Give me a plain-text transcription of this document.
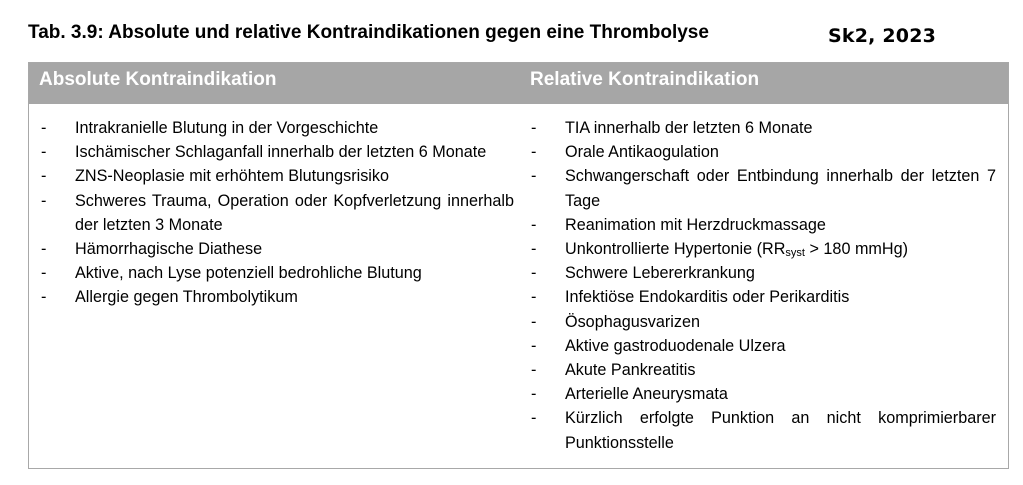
Tab. 3.9: Absolute und relative Kontraindikationen gegen eine Thrombolyse	Sk2, 2023
Absolute Kontraindikation	Relative Kontraindikation
- Intrakranielle Blutung in der Vorgeschichte
- Ischämischer Schlaganfall innerhalb der letzten 6 Monate
- ZNS-Neoplasie mit erhöhtem Blutungsrisiko
- Schweres Trauma, Operation oder Kopfverletzung innerhalb der letzten 3 Monate
- Hämorrhagische Diathese
- Aktive, nach Lyse potenziell bedrohliche Blutung
- Allergie gegen Thrombolytikum
- TIA innerhalb der letzten 6 Monate
- Orale Antikaogulation
- Schwangerschaft oder Entbindung innerhalb der letzten 7 Tage
- Reanimation mit Herzdruckmassage
- Unkontrollierte Hypertonie ($RR_{syst} > 180$ mmHg)
- Schwere Lebererkrankung
- Infektiöse Endokarditis oder Perikarditis
- Ösophagusvarizen
- Aktive gastroduodenale Ulzera
- Akute Pankreatitis
- Arterielle Aneurysmata
- Kürzlich erfolgte Punktion an nicht komprimierbarer Punktionsstelle
